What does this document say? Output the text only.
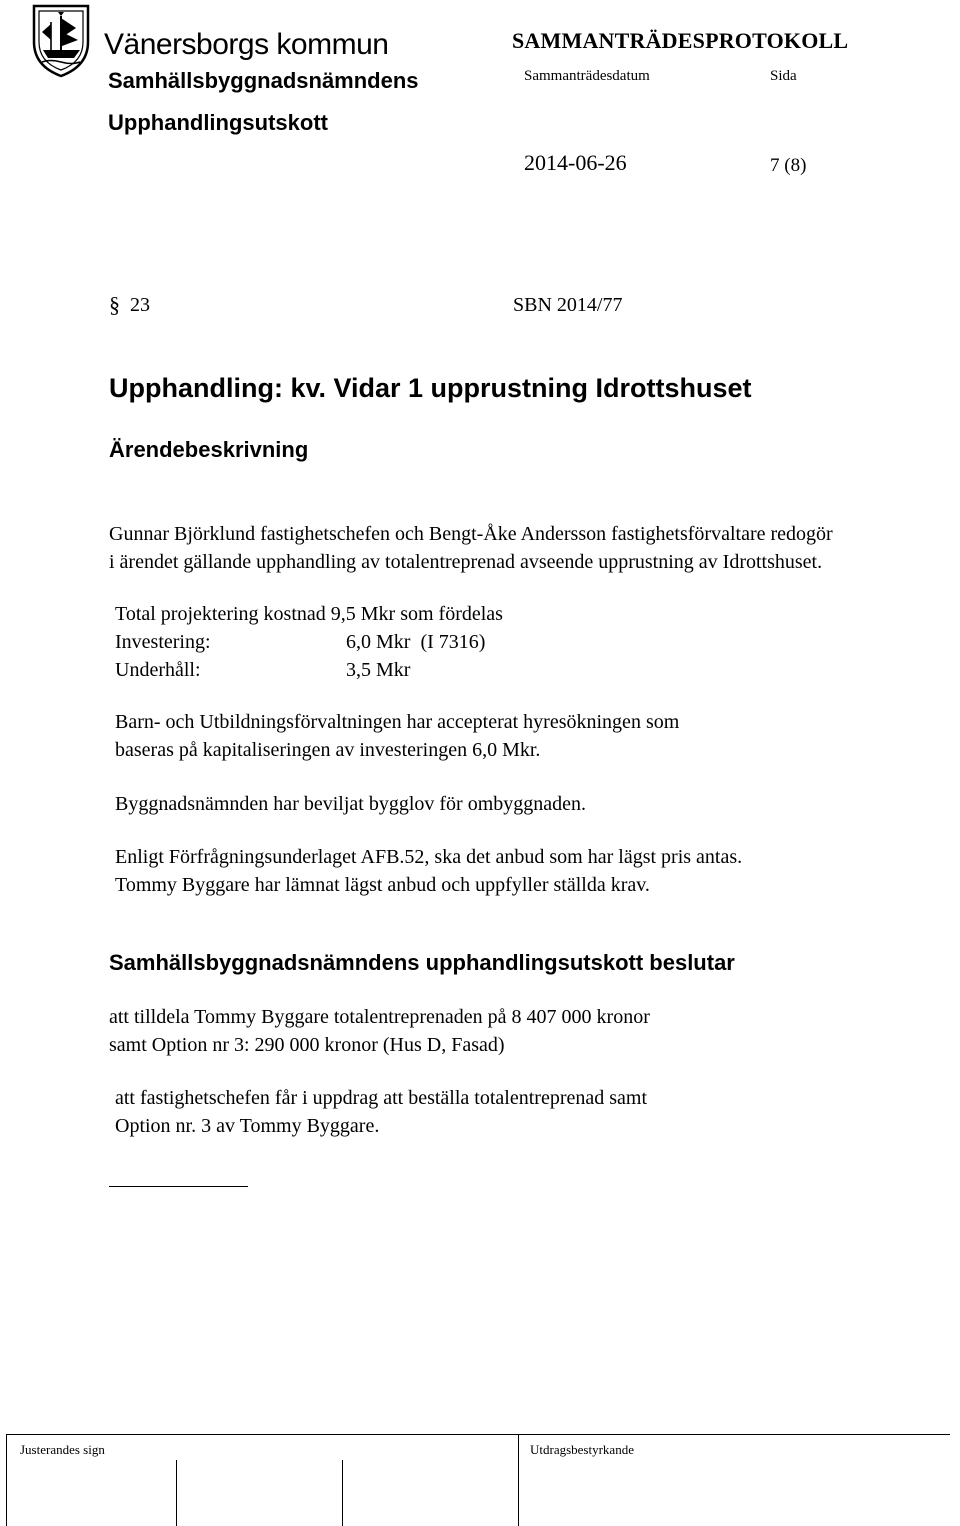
Vänersborgs kommun
Samhällsbyggnadsnämndens
Upphandlingsutskott
SAMMANTRÄDESPROTOKOLL
Sammanträdesdatum	Sida
2014-06-26	7 (8)
§ 23	SBN 2014/77
Upphandling: kv. Vidar 1 upprustning Idrottshuset
Ärendebeskrivning
Gunnar Björklund fastighetschefen och Bengt-Åke Andersson fastighetsförvaltare redogör
i ärendet gällande upphandling av totalentreprenad avseende upprustning av Idrottshuset.
Total projektering kostnad 9,5 Mkr som fördelas
Investering:	6,0 Mkr  (I 7316)
Underhåll:	3,5 Mkr
Barn- och Utbildningsförvaltningen har accepterat hyresökningen som
baseras på kapitaliseringen av investeringen 6,0 Mkr.
Byggnadsnämnden har beviljat bygglov för ombyggnaden.
Enligt Förfrågningsunderlaget AFB.52, ska det anbud som har lägst pris antas.
Tommy Byggare har lämnat lägst anbud och uppfyller ställda krav.
Samhällsbyggnadsnämndens upphandlingsutskott beslutar
att tilldela Tommy Byggare totalentreprenaden på 8 407 000 kronor
samt Option nr 3: 290 000 kronor (Hus D, Fasad)
att fastighetschefen får i uppdrag att beställa totalentreprenad samt
Option nr. 3 av Tommy Byggare.
Justerandes sign	Utdragsbestyrkande
